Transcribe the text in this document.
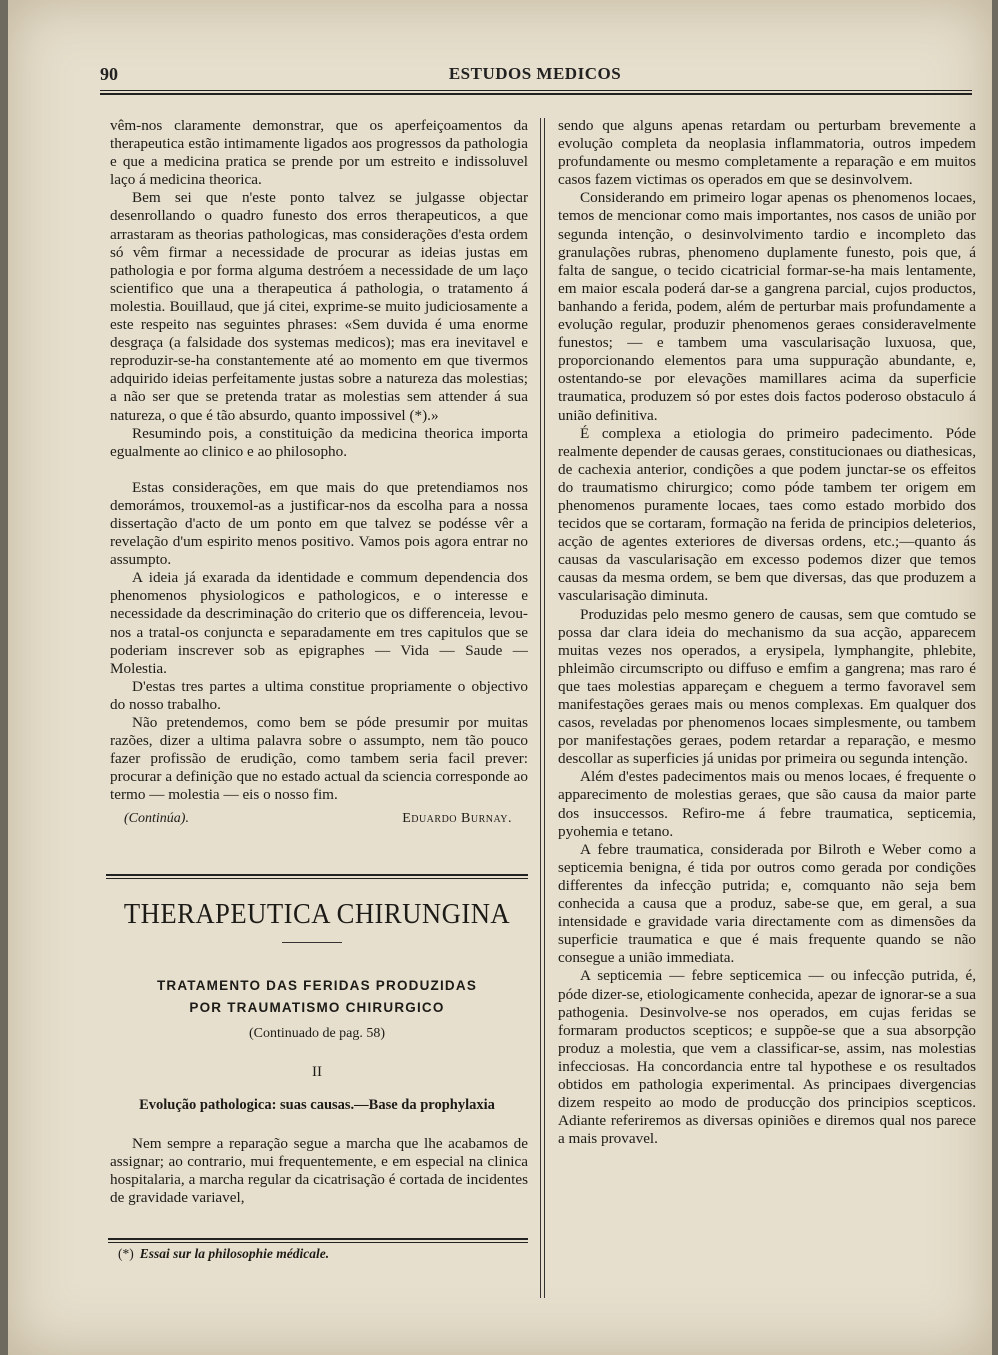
90	ESTUDOS MEDICOS

vêm-nos claramente demonstrar, que os aperfeiçoamentos da therapeutica estão intimamente ligados aos progressos da pathologia e que a medicina pratica se prende por um estreito e indissoluvel laço á medicina theorica.

Bem sei que n'este ponto talvez se julgasse objectar desenrollando o quadro funesto dos erros therapeuticos, a que arrastaram as theorias pathologicas, mas considerações d'esta ordem só vêm firmar a necessidade de procurar as ideias justas em pathologia e por forma alguma destróem a necessidade de um laço scientifico que una a therapeutica á pathologia, o tratamento á molestia. Bouillaud, que já citei, exprime-se muito judiciosamente a este respeito nas seguintes phrases: «Sem duvida é uma enorme desgraça (a falsidade dos systemas medicos); mas era inevitavel e reproduzir-se-ha constantemente até ao momento em que tivermos adquirido ideias perfeitamente justas sobre a natureza das molestias; a não ser que se pretenda tratar as molestias sem attender á sua natureza, o que é tão absurdo, quanto impossivel (*).»

Resumindo pois, a constituição da medicina theorica importa egualmente ao clinico e ao philosopho.

Estas considerações, em que mais do que pretendiamos nos demorámos, trouxemol-as a justificar-nos da escolha para a nossa dissertação d'acto de um ponto em que talvez se podésse vêr a revelação d'um espirito menos positivo. Vamos pois agora entrar no assumpto.

A ideia já exarada da identidade e commum dependencia dos phenomenos physiologicos e pathologicos, e o interesse e necessidade da descriminação do criterio que os differenceia, levou-nos a tratal-os conjuncta e separadamente em tres capitulos que se poderiam inscrever sob as epigraphes — Vida — Saude — Molestia.

D'estas tres partes a ultima constitue propriamente o objectivo do nosso trabalho.

Não pretendemos, como bem se póde presumir por muitas razões, dizer a ultima palavra sobre o assumpto, nem tão pouco fazer profissão de erudição, como tambem seria facil prever: procurar a definição que no estado actual da sciencia corresponde ao termo — molestia — eis o nosso fim.

(Continúa).	Eduardo Burnay.
THERAPEUTICA CHIRUNGINA
TRATAMENTO DAS FERIDAS PRODUZIDAS
POR TRAUMATISMO CHIRURGICO
(Continuado de pag. 58)
II
Evolução pathologica: suas causas.—Base da prophylaxia

Nem sempre a reparação segue a marcha que lhe acabamos de assignar; ao contrario, mui frequentemente, e em especial na clinica hospitalaria, a marcha regular da cicatrisação é cortada de incidentes de gravidade variavel,

(*) Essai sur la philosophie médicale.

sendo que alguns apenas retardam ou perturbam brevemente a evolução completa da neoplasia inflammatoria, outros impedem profundamente ou mesmo completamente a reparação e em muitos casos fazem victimas os operados em que se desinvolvem.

Considerando em primeiro logar apenas os phenomenos locaes, temos de mencionar como mais importantes, nos casos de união por segunda intenção, o desinvolvimento tardio e incompleto das granulações rubras, phenomeno duplamente funesto, pois que, á falta de sangue, o tecido cicatricial formar-se-ha mais lentamente, em maior escala poderá dar-se a gangrena parcial, cujos productos, banhando a ferida, podem, além de perturbar mais profundamente a evolução regular, produzir phenomenos geraes consideravelmente funestos; — e tambem uma vascularisação luxuosa, que, proporcionando elementos para uma suppuração abundante, e, ostentando-se por elevações mamillares acima da superficie traumatica, produzem só por estes dois factos poderoso obstaculo á união definitiva.

É complexa a etiologia do primeiro padecimento. Póde realmente depender de causas geraes, constitucionaes ou diathesicas, de cachexia anterior, condições a que podem junctar-se os effeitos do traumatismo chirurgico; como póde tambem ter origem em phenomenos puramente locaes, taes como estado morbido dos tecidos que se cortaram, formação na ferida de principios deleterios, acção de agentes exteriores de diversas ordens, etc.;—quanto ás causas da vascularisação em excesso podemos dizer que temos causas da mesma ordem, se bem que diversas, das que produzem a vascularisação diminuta.

Produzidas pelo mesmo genero de causas, sem que comtudo se possa dar clara ideia do mechanismo da sua acção, apparecem muitas vezes nos operados, a erysipela, lymphangite, phlebite, phleimão circumscripto ou diffuso e emfim a gangrena; mas raro é que taes molestias appareçam e cheguem a termo favoravel sem manifestações geraes mais ou menos complexas. Em qualquer dos casos, reveladas por phenomenos locaes simplesmente, ou tambem por manifestações geraes, podem retardar a reparação, e mesmo descollar as superficies já unidas por primeira ou segunda intenção.

Além d'estes padecimentos mais ou menos locaes, é frequente o apparecimento de molestias geraes, que são causa da maior parte dos insuccessos. Refiro-me á febre traumatica, septicemia, pyohemia e tetano.

A febre traumatica, considerada por Bilroth e Weber como a septicemia benigna, é tida por outros como gerada por condições differentes da infecção putrida; e, comquanto não seja bem conhecida a causa que a produz, sabe-se que, em geral, a sua intensidade e gravidade varia directamente com as dimensões da superficie traumatica e que é mais frequente quando se não consegue a união immediata.

A septicemia — febre septicemica — ou infecção putrida, é, póde dizer-se, etiologicamente conhecida, apezar de ignorar-se a sua pathogenia. Desinvolve-se nos operados, em cujas feridas se formaram productos scepticos; e suppõe-se que a sua absorpção produz a molestia, que vem a classificar-se, assim, nas molestias infecciosas. Ha concordancia entre tal hypothese e os resultados obtidos em pathologia experimental. As principaes divergencias dizem respeito ao modo de producção dos principios scepticos. Adiante referiremos as diversas opiniões e diremos qual nos parece a mais provavel.
